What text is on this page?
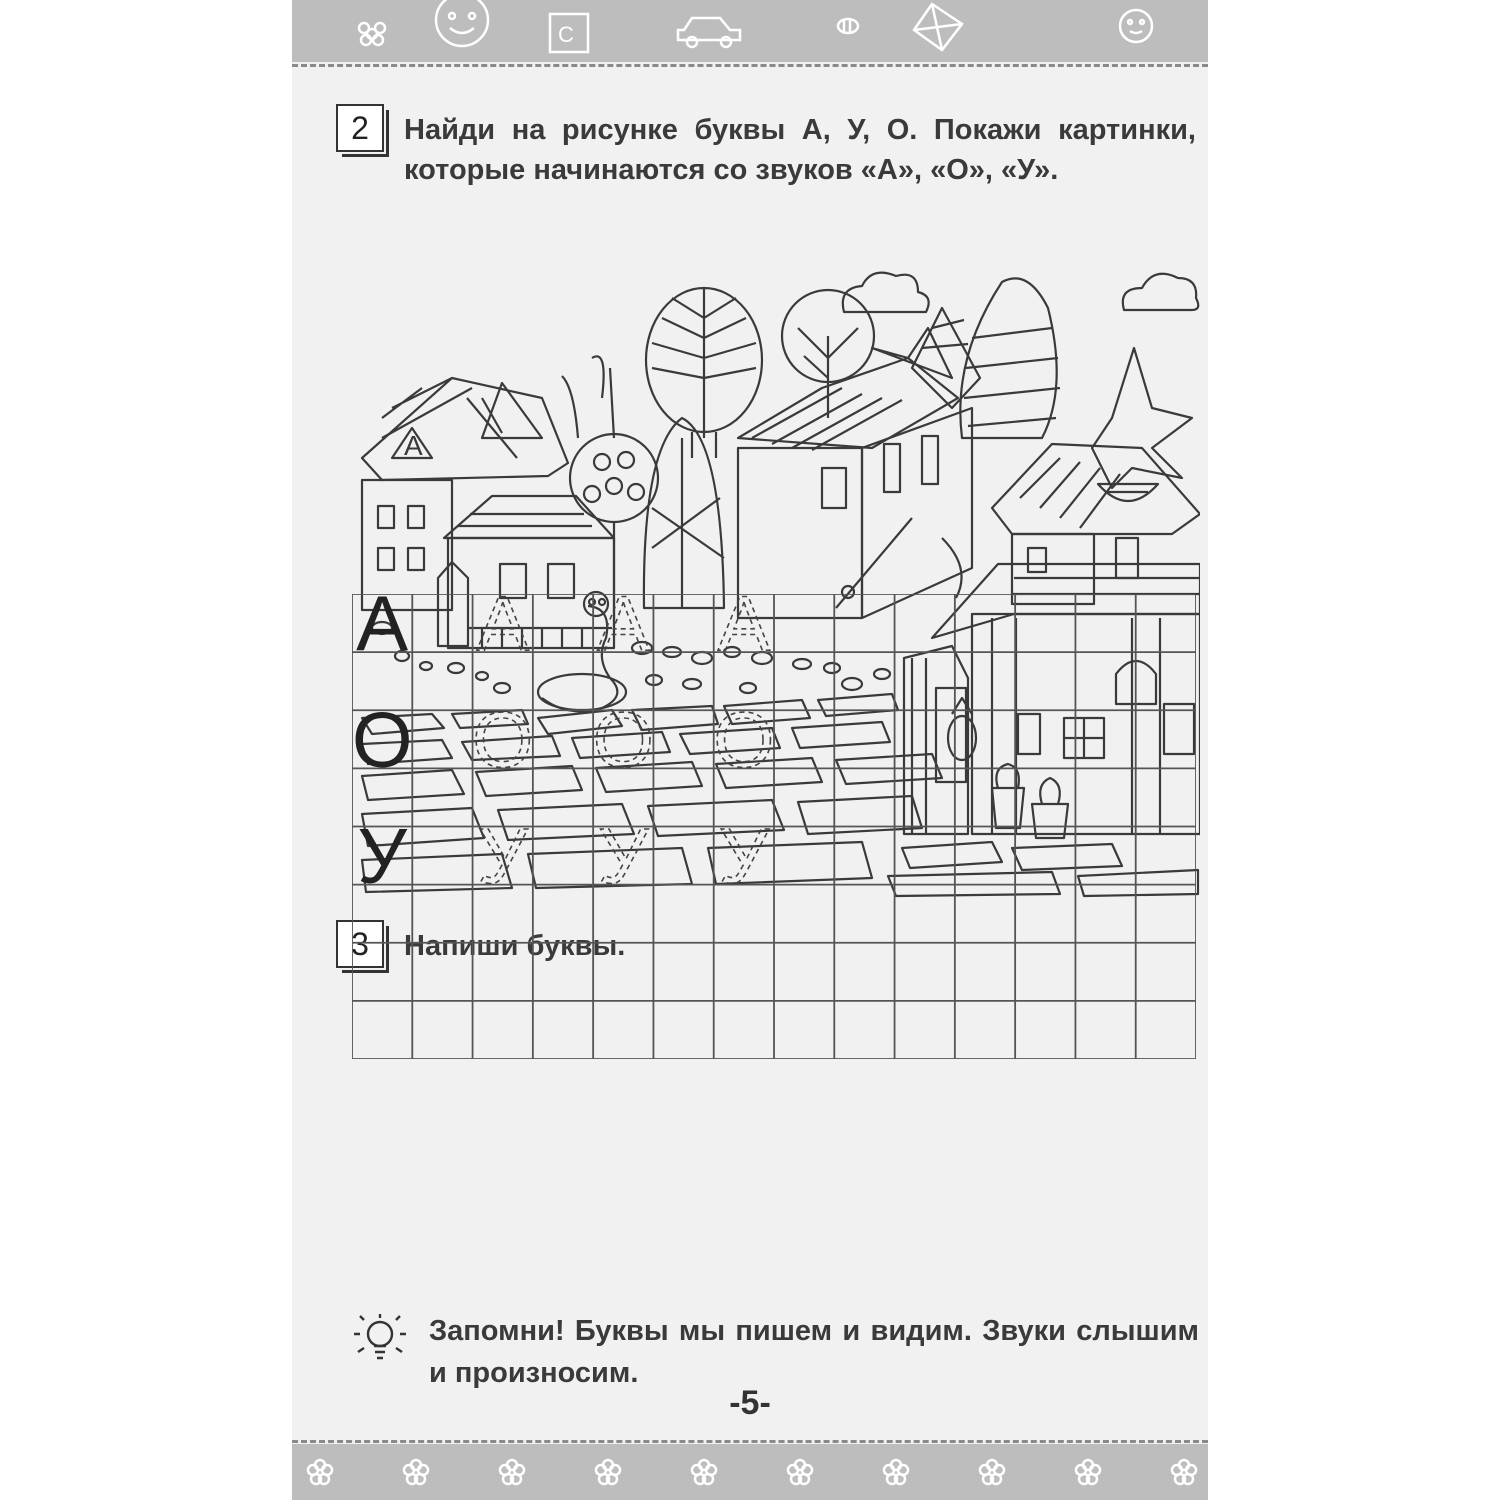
С
2	Найди на рисунке буквы А, У, О. Покажи картинки, которые начинаются со звуков «А», «О», «У».
А
3	Напиши буквы.
А А А А
О О О О
У У У У
Запомни! Буквы мы пишем и видим. Звуки слышим и произносим.
-5-
